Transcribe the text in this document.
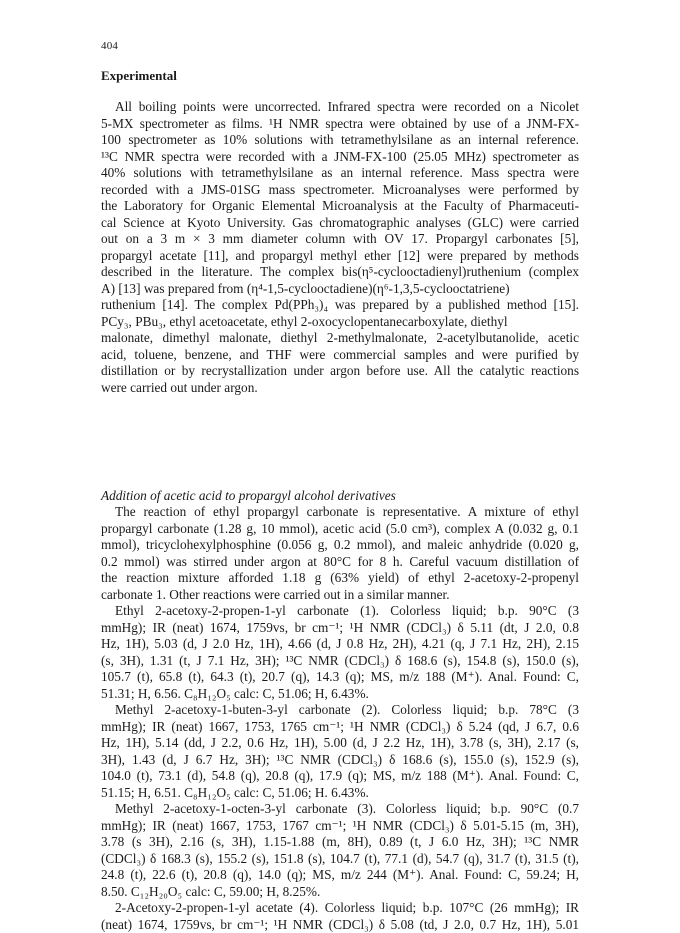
404
Experimental
All boiling points were uncorrected. Infrared spectra were recorded on a Nicolet
5-MX spectrometer as films. ¹H NMR spectra were obtained by use of a JNM-FX-
100 spectrometer as 10% solutions with tetramethylsilane as an internal reference.
¹³C NMR spectra were recorded with a JNM-FX-100 (25.05 MHz) spectrometer as
40% solutions with tetramethylsilane as an internal reference. Mass spectra were
recorded with a JMS-01SG mass spectrometer. Microanalyses were performed by
the Laboratory for Organic Elemental Microanalysis at the Faculty of Pharmaceuti-
cal Science at Kyoto University. Gas chromatographic analyses (GLC) were carried
out on a 3 m × 3 mm diameter column with OV 17. Propargyl carbonates [5],
propargyl acetate [11], and propargyl methyl ether [12] were prepared by methods
described in the literature. The complex bis(η⁵-cyclooctadienyl)ruthenium (complex
A) [13] was prepared from (η⁴-1,5-cyclooctadiene)(η⁶-1,3,5-cyclooctatriene)
ruthenium [14]. The complex Pd(PPh₃)₄ was prepared by a published method [15].
PCy₃, PBu₃, ethyl acetoacetate, ethyl 2-oxocyclopentanecarboxylate, diethyl
malonate, dimethyl malonate, diethyl 2-methylmalonate, 2-acetylbutanolide, acetic
acid, toluene, benzene, and THF were commercial samples and were purified by
distillation or by recrystallization under argon before use. All the catalytic reactions
were carried out under argon.
Addition of acetic acid to propargyl alcohol derivatives
The reaction of ethyl propargyl carbonate is representative. A mixture of ethyl
propargyl carbonate (1.28 g, 10 mmol), acetic acid (5.0 cm³), complex A (0.032 g, 0.1
mmol), tricyclohexylphosphine (0.056 g, 0.2 mmol), and maleic anhydride (0.020 g,
0.2 mmol) was stirred under argon at 80°C for 8 h. Careful vacuum distillation of
the reaction mixture afforded 1.18 g (63% yield) of ethyl 2-acetoxy-2-propenyl
carbonate 1. Other reactions were carried out in a similar manner.
Ethyl 2-acetoxy-2-propen-1-yl carbonate (1). Colorless liquid; b.p. 90°C (3
mmHg); IR (neat) 1674, 1759vs, br cm⁻¹; ¹H NMR (CDCl₃) δ 5.11 (dt, J 2.0, 0.8
Hz, 1H), 5.03 (d, J 2.0 Hz, 1H), 4.66 (d, J 0.8 Hz, 2H), 4.21 (q, J 7.1 Hz, 2H), 2.15
(s, 3H), 1.31 (t, J 7.1 Hz, 3H); ¹³C NMR (CDCl₃) δ 168.6 (s), 154.8 (s), 150.0 (s),
105.7 (t), 65.8 (t), 64.3 (t), 20.7 (q), 14.3 (q); MS, m/z 188 (M⁺). Anal. Found: C,
51.31; H, 6.56. C₈H₁₂O₅ calc: C, 51.06; H, 6.43%.
Methyl 2-acetoxy-1-buten-3-yl carbonate (2). Colorless liquid; b.p. 78°C (3
mmHg); IR (neat) 1667, 1753, 1765 cm⁻¹; ¹H NMR (CDCl₃) δ 5.24 (qd, J 6.7, 0.6
Hz, 1H), 5.14 (dd, J 2.2, 0.6 Hz, 1H), 5.00 (d, J 2.2 Hz, 1H), 3.78 (s, 3H), 2.17 (s,
3H), 1.43 (d, J 6.7 Hz, 3H); ¹³C NMR (CDCl₃) δ 168.6 (s), 155.0 (s), 152.9 (s),
104.0 (t), 73.1 (d), 54.8 (q), 20.8 (q), 17.9 (q); MS, m/z 188 (M⁺). Anal. Found: C,
51.15; H, 6.51. C₈H₁₂O₅ calc: C, 51.06; H. 6.43%.
Methyl 2-acetoxy-1-octen-3-yl carbonate (3). Colorless liquid; b.p. 90°C (0.7
mmHg); IR (neat) 1667, 1753, 1767 cm⁻¹; ¹H NMR (CDCl₃) δ 5.01-5.15 (m, 3H),
3.78 (s 3H), 2.16 (s, 3H), 1.15-1.88 (m, 8H), 0.89 (t, J 6.0 Hz, 3H); ¹³C NMR
(CDCl₃) δ 168.3 (s), 155.2 (s), 151.8 (s), 104.7 (t), 77.1 (d), 54.7 (q), 31.7 (t), 31.5 (t),
24.8 (t), 22.6 (t), 20.8 (q), 14.0 (q); MS, m/z 244 (M⁺). Anal. Found: C, 59.24; H,
8.50. C₁₂H₂₀O₅ calc: C, 59.00; H, 8.25%.
2-Acetoxy-2-propen-1-yl acetate (4). Colorless liquid; b.p. 107°C (26 mmHg); IR
(neat) 1674, 1759vs, br cm⁻¹; ¹H NMR (CDCl₃) δ 5.08 (td, J 2.0, 0.7 Hz, 1H), 5.01
